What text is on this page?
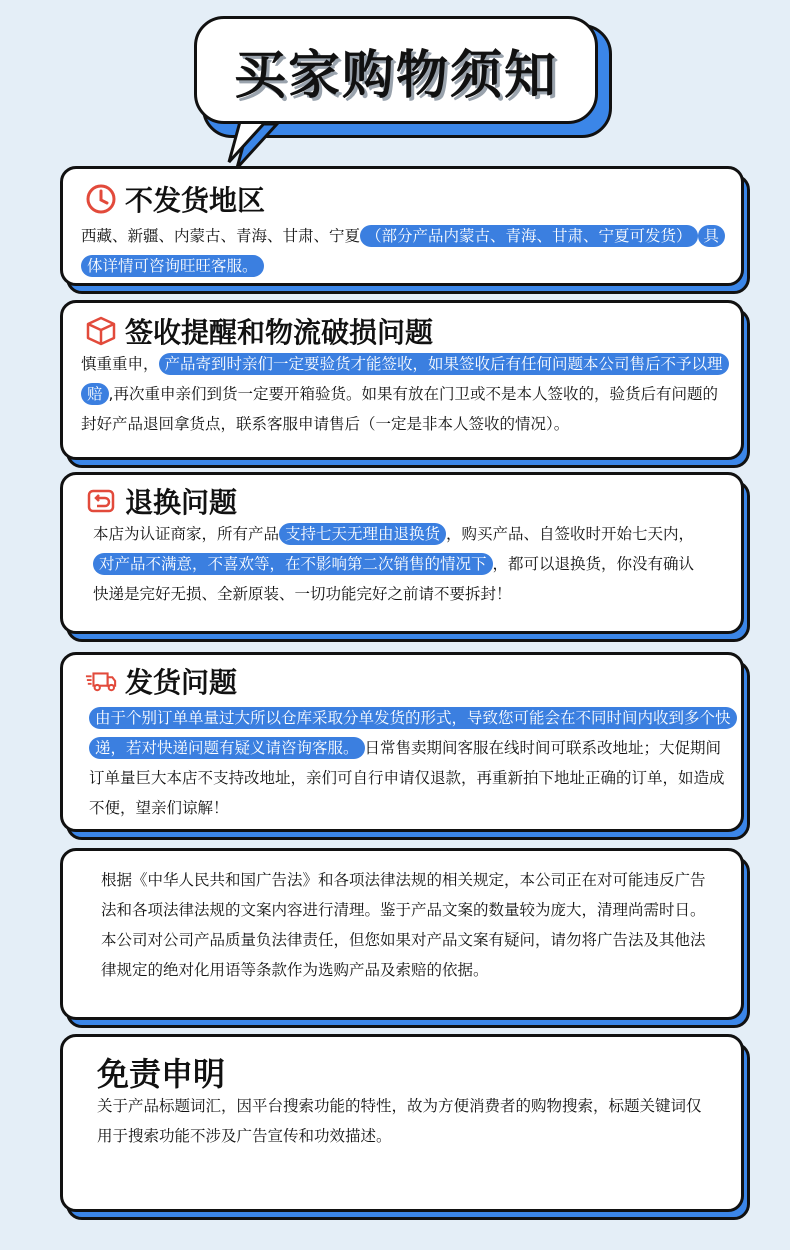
买家购物须知
不发货地区
西藏、新疆、内蒙古、青海、甘肃、宁夏 （部分产品内蒙古、青海、甘肃、宁夏可发货） 具体详情可咨询旺旺客服。
签收提醒和物流破损问题
慎重重申， 产品寄到时亲们一定要验货才能签收，如果签收后有任何问题本公司售后不予以理赔 ,再次重申亲们到货一定要开箱验货。如果有放在门卫或不是本人签收的，验货后有问题的封好产品退回拿货点，联系客服申请售后（一定是非本人签收的情况）。
退换问题
本店为认证商家，所有产品 支持七天无理由退换货 ，购买产品、自签收时开始七天内，对产品不满意，不喜欢等，在不影响第二次销售的情况下 ，都可以退换货，你没有确认快递是完好无损、全新原装、一切功能完好之前请不要拆封！
发货问题
由于个别订单单量过大所以仓库采取分单发货的形式，导致您可能会在不同时间内收到多个快递，若对快递问题有疑义请咨询客服。 日常售卖期间客服在线时间可联系改地址；大促期间订单量巨大本店不支持改地址，亲们可自行申请仅退款，再重新拍下地址正确的订单，如造成不便，望亲们谅解！
根据《中华人民共和国广告法》和各项法律法规的相关规定，本公司正在对可能违反广告法和各项法律法规的文案内容进行清理。鉴于产品文案的数量较为庞大，清理尚需时日。本公司对公司产品质量负法律责任，但您如果对产品文案有疑问，请勿将广告法及其他法律规定的绝对化用语等条款作为选购产品及索赔的依据。
免责申明
关于产品标题词汇，因平台搜索功能的特性，故为方便消费者的购物搜索，标题关键词仅用于搜索功能不涉及广告宣传和功效描述。
